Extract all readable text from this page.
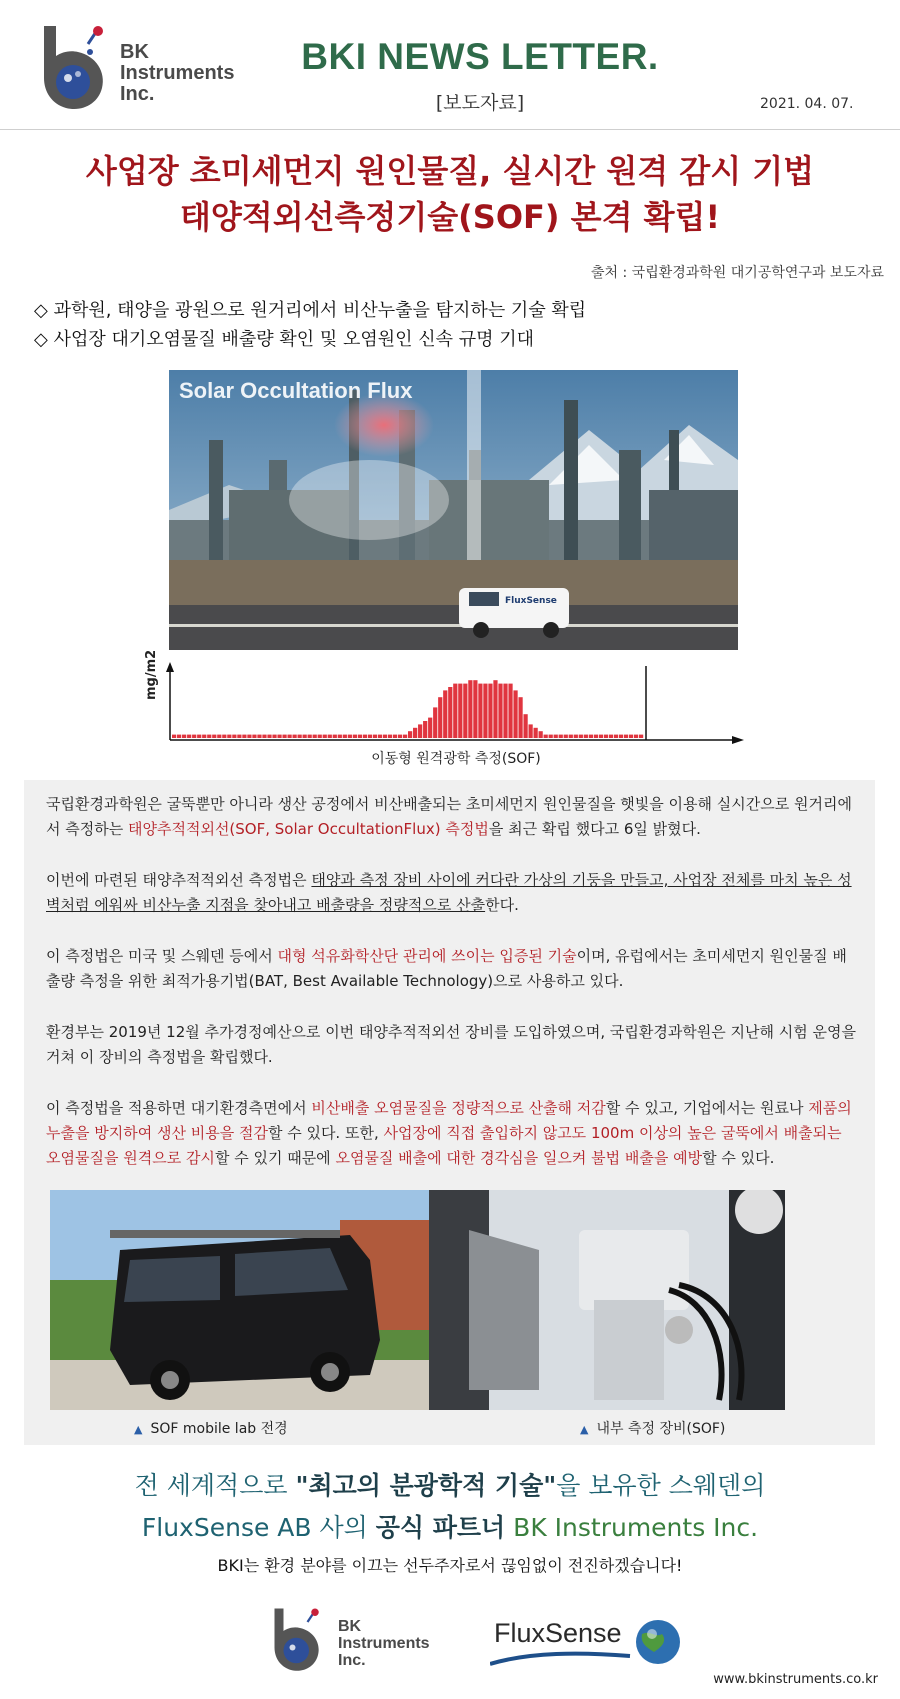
BK
Instruments
Inc.
BKI NEWS LETTER.
[보도자료]	2021. 04. 07.
사업장 초미세먼지 원인물질, 실시간 원격 감시 기법
태양적외선측정기술(SOF) 본격 확립!
출처 : 국립환경과학원 대기공학연구과 보도자료
◇ 과학원, 태양을 광원으로 원거리에서 비산누출을 탐지하는 기술 확립
◇ 사업장 대기오염물질 배출량 확인 및 오염원인 신속 규명 기대
Solar Occultation Flux
FluxSense
mg/m2
이동형 원격광학 측정(SOF)

국립환경과학원은 굴뚝뿐만 아니라 생산 공정에서 비산배출되는 초미세먼지 원인물질을 햇빛을 이용해 실시간으로 원거리에서 측정하는 태양추적적외선(SOF, Solar OccultationFlux) 측정법을 최근 확립 했다고 6일 밝혔다.

이번에 마련된 태양추적적외선 측정법은 태양과 측정 장비 사이에 커다란 가상의 기둥을 만들고, 사업장 전체를 마치 높은 성벽처럼 에워싸 비산누출 지점을 찾아내고 배출량을 정량적으로 산출한다.

이 측정법은 미국 및 스웨덴 등에서 대형 석유화학산단 관리에 쓰이는 입증된 기술이며, 유럽에서는 초미세먼지 원인물질 배출량 측정을 위한 최적가용기법(BAT, Best Available Technology)으로 사용하고 있다.

환경부는 2019년 12월 추가경정예산으로 이번 태양추적적외선 장비를 도입하였으며, 국립환경과학원은 지난해 시험 운영을 거쳐 이 장비의 측정법을 확립했다.

이 측정법을 적용하면 대기환경측면에서 비산배출 오염물질을 정량적으로 산출해 저감할 수 있고, 기업에서는 원료나 제품의 누출을 방지하여 생산 비용을 절감할 수 있다. 또한, 사업장에 직접 출입하지 않고도 100m 이상의 높은 굴뚝에서 배출되는 오염물질을 원격으로 감시할 수 있기 때문에 오염물질 배출에 대한 경각심을 일으켜 불법 배출을 예방할 수 있다.

▲ SOF mobile lab 전경	▲ 내부 측정 장비(SOF)
전 세계적으로 "최고의 분광학적 기술"을 보유한 스웨덴의
FluxSense AB 사의 공식 파트너 BK Instruments Inc.
BKI는 환경 분야를 이끄는 선두주자로서 끊임없이 전진하겠습니다!
BK
Instruments
Inc.
FluxSense
www.bkinstruments.co.kr
